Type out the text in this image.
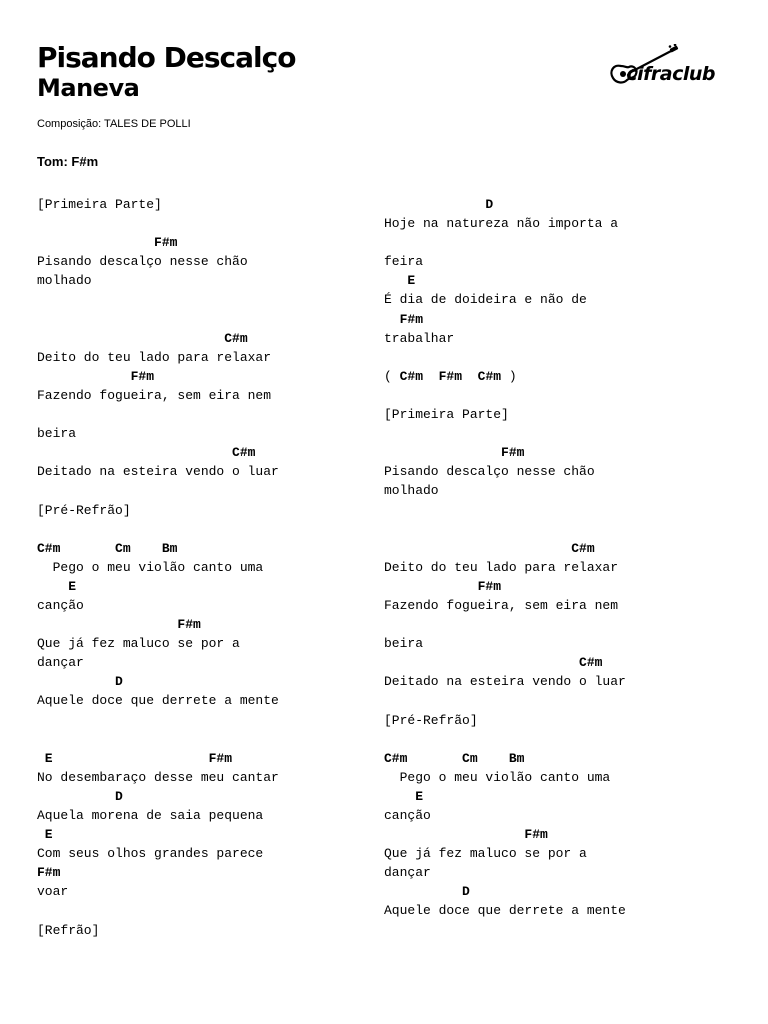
Pisando Descalço
Maneva
Composição: TALES DE POLLI
Tom: F#m
cifraclub
[Primeira Parte]
F#m
Pisando descalço nesse chão
molhado
C#m
Deito do teu lado para relaxar
F#m
Fazendo fogueira, sem eira nem
beira
C#m
Deitado na esteira vendo o luar
[Pré-Refrão]
C#m       Cm    Bm
Pego o meu violão canto uma
E
canção
F#m
Que já fez maluco se por a
dançar
D
Aquele doce que derrete a mente
E                    F#m
No desembaraço desse meu cantar
D
Aquela morena de saia pequena
E
Com seus olhos grandes parece
F#m
voar
[Refrão]
D
Hoje na natureza não importa a
feira
E
É dia de doideira e não de
F#m
trabalhar
( C#m F#m C#m )
[Primeira Parte]
F#m
Pisando descalço nesse chão
molhado
C#m
Deito do teu lado para relaxar
F#m
Fazendo fogueira, sem eira nem
beira
C#m
Deitado na esteira vendo o luar
[Pré-Refrão]
C#m       Cm    Bm
Pego o meu violão canto uma
E
canção
F#m
Que já fez maluco se por a
dançar
D
Aquele doce que derrete a mente
